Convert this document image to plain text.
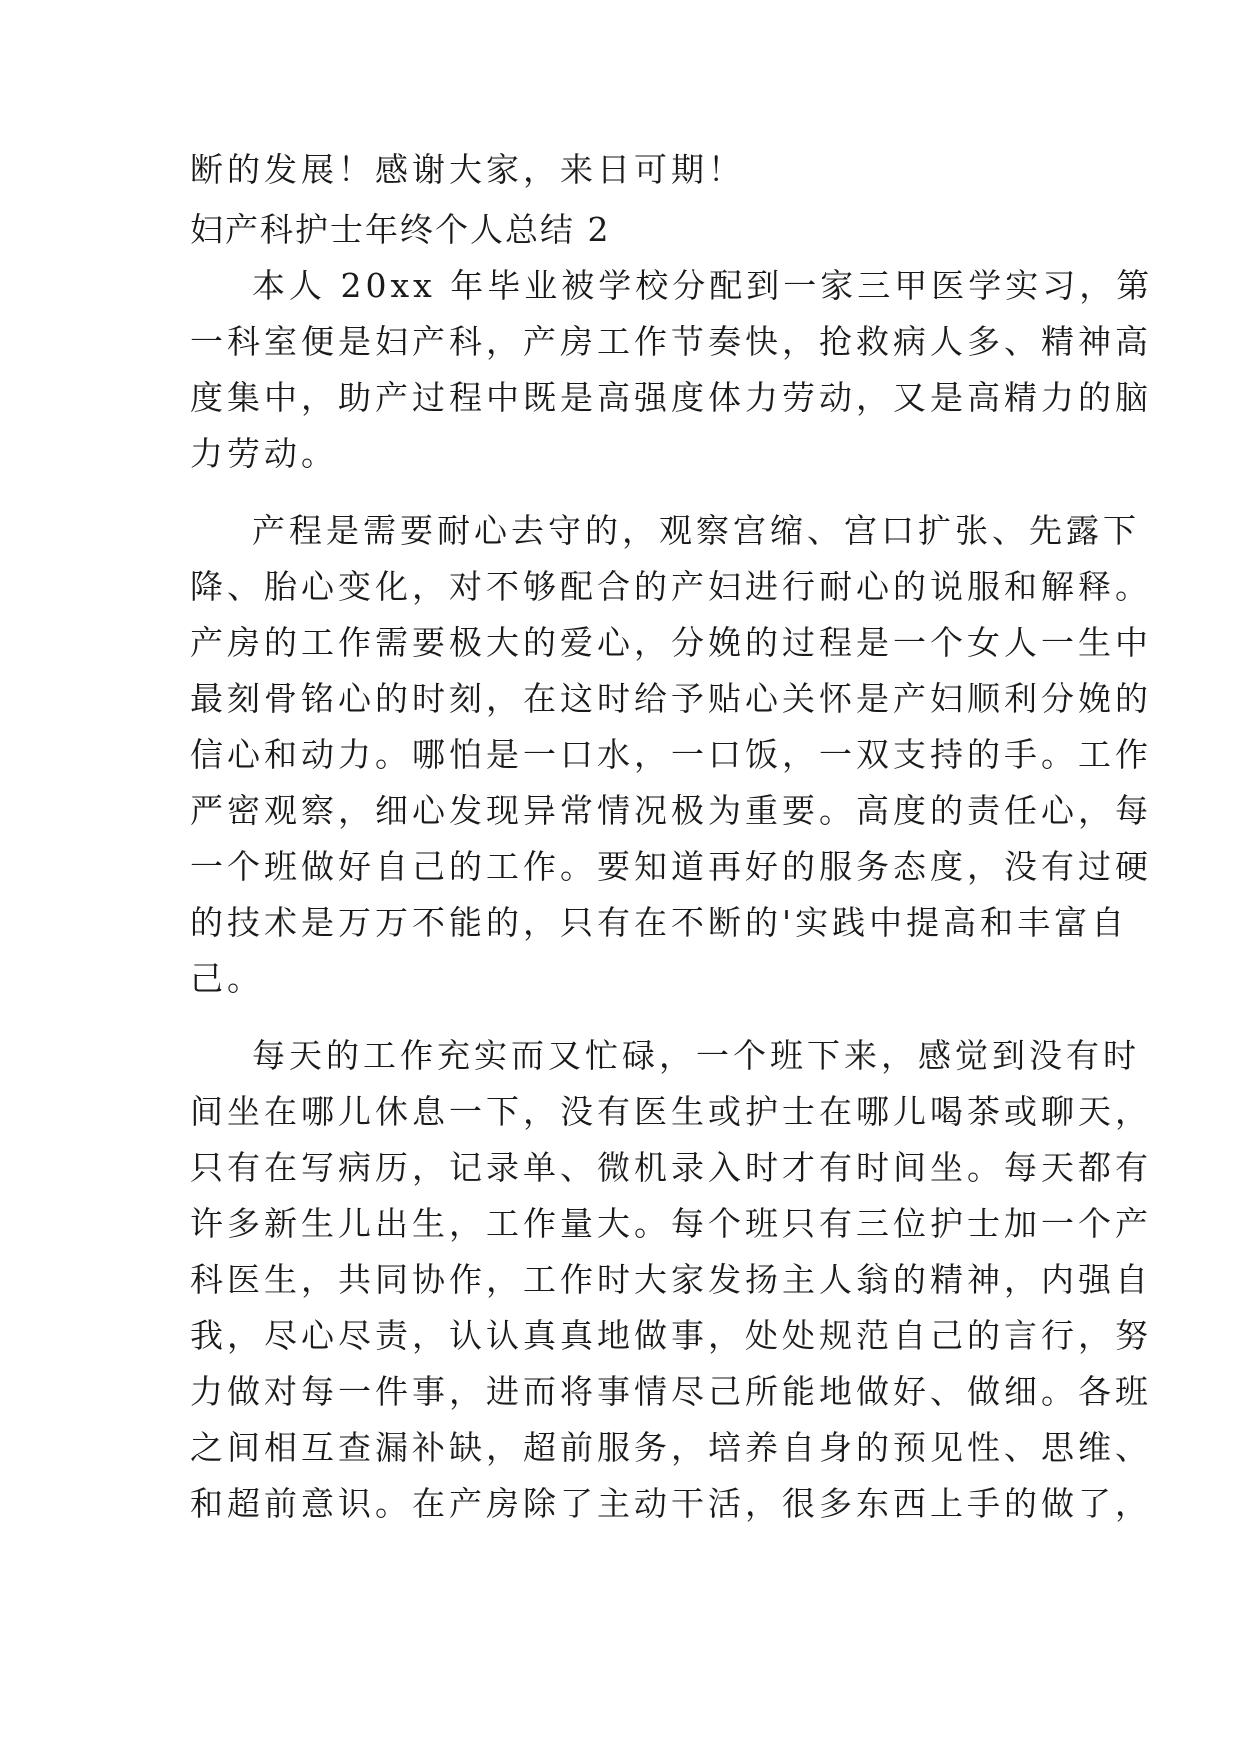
断的发展！感谢大家，来日可期！
妇产科护士年终个人总结 2
本人 20xx 年毕业被学校分配到一家三甲医学实习，第
一科室便是妇产科，产房工作节奏快，抢救病人多、精神高
度集中，助产过程中既是高强度体力劳动，又是高精力的脑
力劳动。
产程是需要耐心去守的，观察宫缩、宫口扩张、先露下
降、胎心变化，对不够配合的产妇进行耐心的说服和解释。
产房的工作需要极大的爱心，分娩的过程是一个女人一生中
最刻骨铭心的时刻，在这时给予贴心关怀是产妇顺利分娩的
信心和动力。哪怕是一口水，一口饭，一双支持的手。工作
严密观察，细心发现异常情况极为重要。高度的责任心，每
一个班做好自己的工作。要知道再好的服务态度，没有过硬
的技术是万万不能的，只有在不断的'实践中提高和丰富自
己。
每天的工作充实而又忙碌，一个班下来，感觉到没有时
间坐在哪儿休息一下，没有医生或护士在哪儿喝茶或聊天，
只有在写病历，记录单、微机录入时才有时间坐。每天都有
许多新生儿出生，工作量大。每个班只有三位护士加一个产
科医生，共同协作，工作时大家发扬主人翁的精神，内强自
我，尽心尽责，认认真真地做事，处处规范自己的言行，努
力做对每一件事，进而将事情尽己所能地做好、做细。各班
之间相互查漏补缺，超前服务，培养自身的预见性、思维、
和超前意识。在产房除了主动干活，很多东西上手的做了，
